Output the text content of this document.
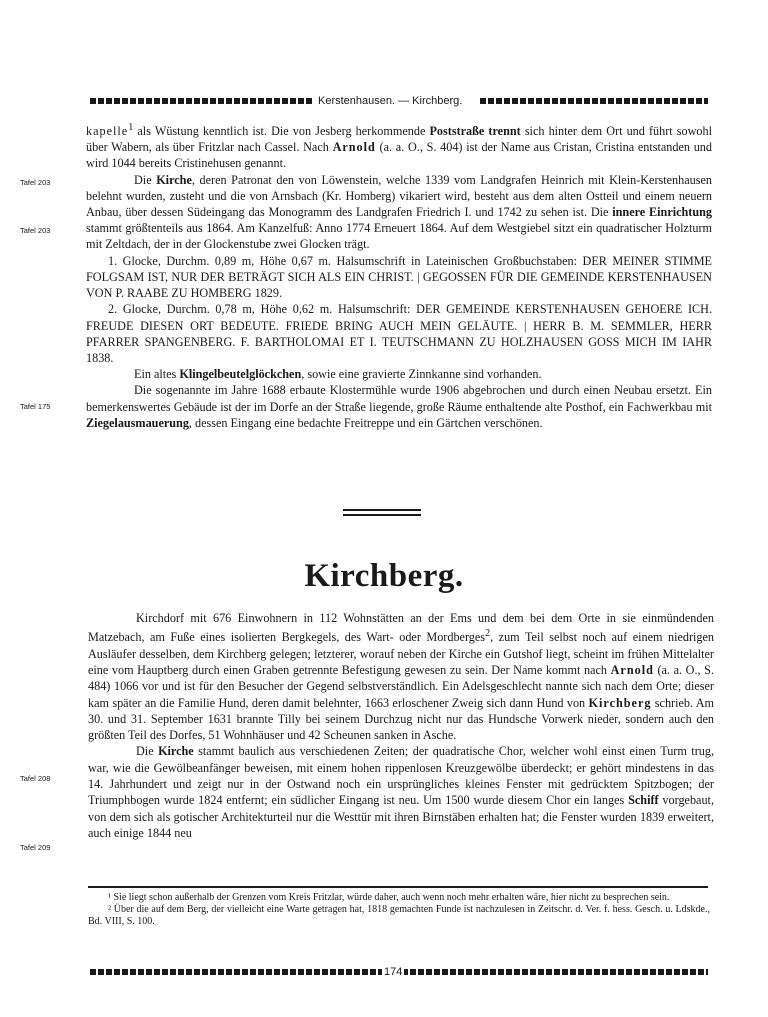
Kerstenhausen. — Kirchberg.
Tafel 203
Tafel 203
Tafel 175
Tafel 208
Tafel 209

kapelle$^1$ als Wüstung kenntlich ist. Die von Jesberg herkommende Poststraße trennt sich hinter dem Ort und führt sowohl über Wabern, als über Fritzlar nach Cassel. Nach Arnold (a. a. O., S. 404) ist der Name aus Cristan, Cristina entstanden und wird 1044 bereits Cristinehusen genannt.

Die Kirche, deren Patronat den von Löwenstein, welche 1339 vom Landgrafen Heinrich mit Klein-Kerstenhausen belehnt wurden, zusteht und die von Arnsbach (Kr. Homberg) vikariert wird, besteht aus dem alten Ostteil und einem neuern Anbau, über dessen Südeingang das Monogramm des Landgrafen Friedrich I. und 1742 zu sehen ist. Die innere Einrichtung stammt größtenteils aus 1864. Am Kanzelfuß: Anno 1774 Erneuert 1864. Auf dem Westgiebel sitzt ein quadratischer Holzturm mit Zeltdach, der in der Glockenstube zwei Glocken trägt.

1. Glocke, Durchm. 0,89 m, Höhe 0,67 m. Halsumschrift in Lateinischen Großbuchstaben: DER MEINER STIMME FOLGSAM IST, NUR DER BETRÄGT SICH ALS EIN CHRIST. | GEGOSSEN FÜR DIE GEMEINDE KERSTENHAUSEN VON P. RAABE ZU HOMBERG 1829.

2. Glocke, Durchm. 0,78 m, Höhe 0,62 m. Halsumschrift: DER GEMEINDE KERSTENHAUSEN GEHOERE ICH. FREUDE DIESEN ORT BEDEUTE. FRIEDE BRING AUCH MEIN GELÄUTE. | HERR B. M. SEMMLER, HERR PFARRER SPANGENBERG. F. BARTHOLOMAI ET I. TEUTSCHMANN ZU HOLZHAUSEN GOSS MICH IM IAHR 1838.

Ein altes Klingelbeutelglöckchen, sowie eine gravierte Zinnkanne sind vorhanden.

Die sogenannte im Jahre 1688 erbaute Klostermühle wurde 1906 abgebrochen und durch einen Neubau ersetzt. Ein bemerkenswertes Gebäude ist der im Dorfe an der Straße liegende, große Räume enthaltende alte Posthof, ein Fachwerkbau mit Ziegelausmauerung, dessen Eingang eine bedachte Freitreppe und ein Gärtchen verschönen.

Kirchberg.

Kirchdorf mit 676 Einwohnern in 112 Wohnstätten an der Ems und dem bei dem Orte in sie einmündenden Matzebach, am Fuße eines isolierten Bergkegels, des Wart- oder Mordberges$^2$, zum Teil selbst noch auf einem niedrigen Ausläufer desselben, dem Kirchberg gelegen; letzterer, worauf neben der Kirche ein Gutshof liegt, scheint im frühen Mittelalter eine vom Hauptberg durch einen Graben getrennte Befestigung gewesen zu sein. Der Name kommt nach Arnold (a. a. O., S. 484) 1066 vor und ist für den Besucher der Gegend selbstverständlich. Ein Adelsgeschlecht nannte sich nach dem Orte; dieser kam später an die Familie Hund, deren damit belehnter, 1663 erloschener Zweig sich dann Hund von Kirchberg schrieb. Am 30. und 31. September 1631 brannte Tilly bei seinem Durchzug nicht nur das Hundsche Vorwerk nieder, sondern auch den größten Teil des Dorfes, 51 Wohnhäuser und 42 Scheunen sanken in Asche.

Die Kirche stammt baulich aus verschiedenen Zeiten; der quadratische Chor, welcher wohl einst einen Turm trug, war, wie die Gewölbeanfänger beweisen, mit einem hohen rippenlosen Kreuzgewölbe überdeckt; er gehört mindestens in das 14. Jahrhundert und zeigt nur in der Ostwand noch ein ursprüngliches kleines Fenster mit gedrücktem Spitzbogen; der Triumphbogen wurde 1824 entfernt; ein südlicher Eingang ist neu. Um 1500 wurde diesem Chor ein langes Schiff vorgebaut, von dem sich als gotischer Architekturteil nur die Westtür mit ihren Birnstäben erhalten hat; die Fenster wurden 1839 erweitert, auch einige 1844 neu

¹ Sie liegt schon außerhalb der Grenzen vom Kreis Fritzlar, würde daher, auch wenn noch mehr erhalten wäre, hier nicht zu besprechen sein.

² Über die auf dem Berg, der vielleicht eine Warte getragen hat, 1818 gemachten Funde ist nachzulesen in Zeitschr. d. Ver. f. hess. Gesch. u. Ldskde., Bd. VIII, S. 100.

174
